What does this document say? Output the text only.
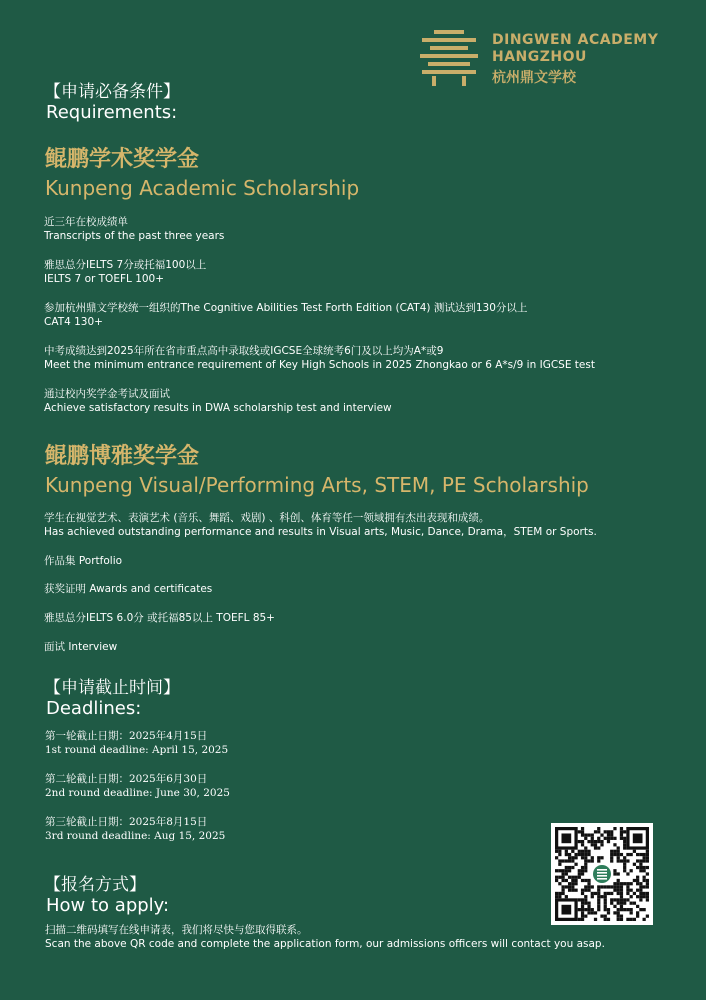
DINGWEN ACADEMY
HANGZHOU
杭州鼎文学校
【申请必备条件】
Requirements:
鲲鹏学术奖学金
Kunpeng Academic Scholarship
近三年在校成绩单
Transcripts of the past three years
雅思总分IELTS 7分或托福100以上
IELTS 7 or TOEFL 100+
参加杭州鼎文学校统一组织的The Cognitive Abilities Test Forth Edition (CAT4) 测试达到130分以上
CAT4 130+
中考成绩达到2025年所在省市重点高中录取线或IGCSE全球统考6门及以上均为A*或9
Meet the minimum entrance requirement of Key High Schools in 2025 Zhongkao or 6 A*s/9 in IGCSE test
通过校内奖学金考试及面试
Achieve satisfactory results in DWA scholarship test and interview
鲲鹏博雅奖学金
Kunpeng Visual/Performing Arts, STEM, PE Scholarship
学生在视觉艺术、表演艺术 (音乐、舞蹈、戏剧) 、科创、体育等任一领域拥有杰出表现和成绩。
Has achieved outstanding performance and results in Visual arts, Music, Dance, Drama，STEM or Sports.
作品集 Portfolio
获奖证明 Awards and certificates
雅思总分IELTS 6.0分 或托福85以上 TOEFL 85+
面试 Interview
【申请截止时间】
Deadlines:
第一轮截止日期：2025年4月15日
1st round deadline: April 15, 2025
第二轮截止日期：2025年6月30日
2nd round deadline: June 30, 2025
第三轮截止日期：2025年8月15日
3rd round deadline: Aug 15, 2025
【报名方式】
How to apply:
扫描二维码填写在线申请表，我们将尽快与您取得联系。
Scan the above QR code and complete the application form, our admissions officers will contact you asap.
